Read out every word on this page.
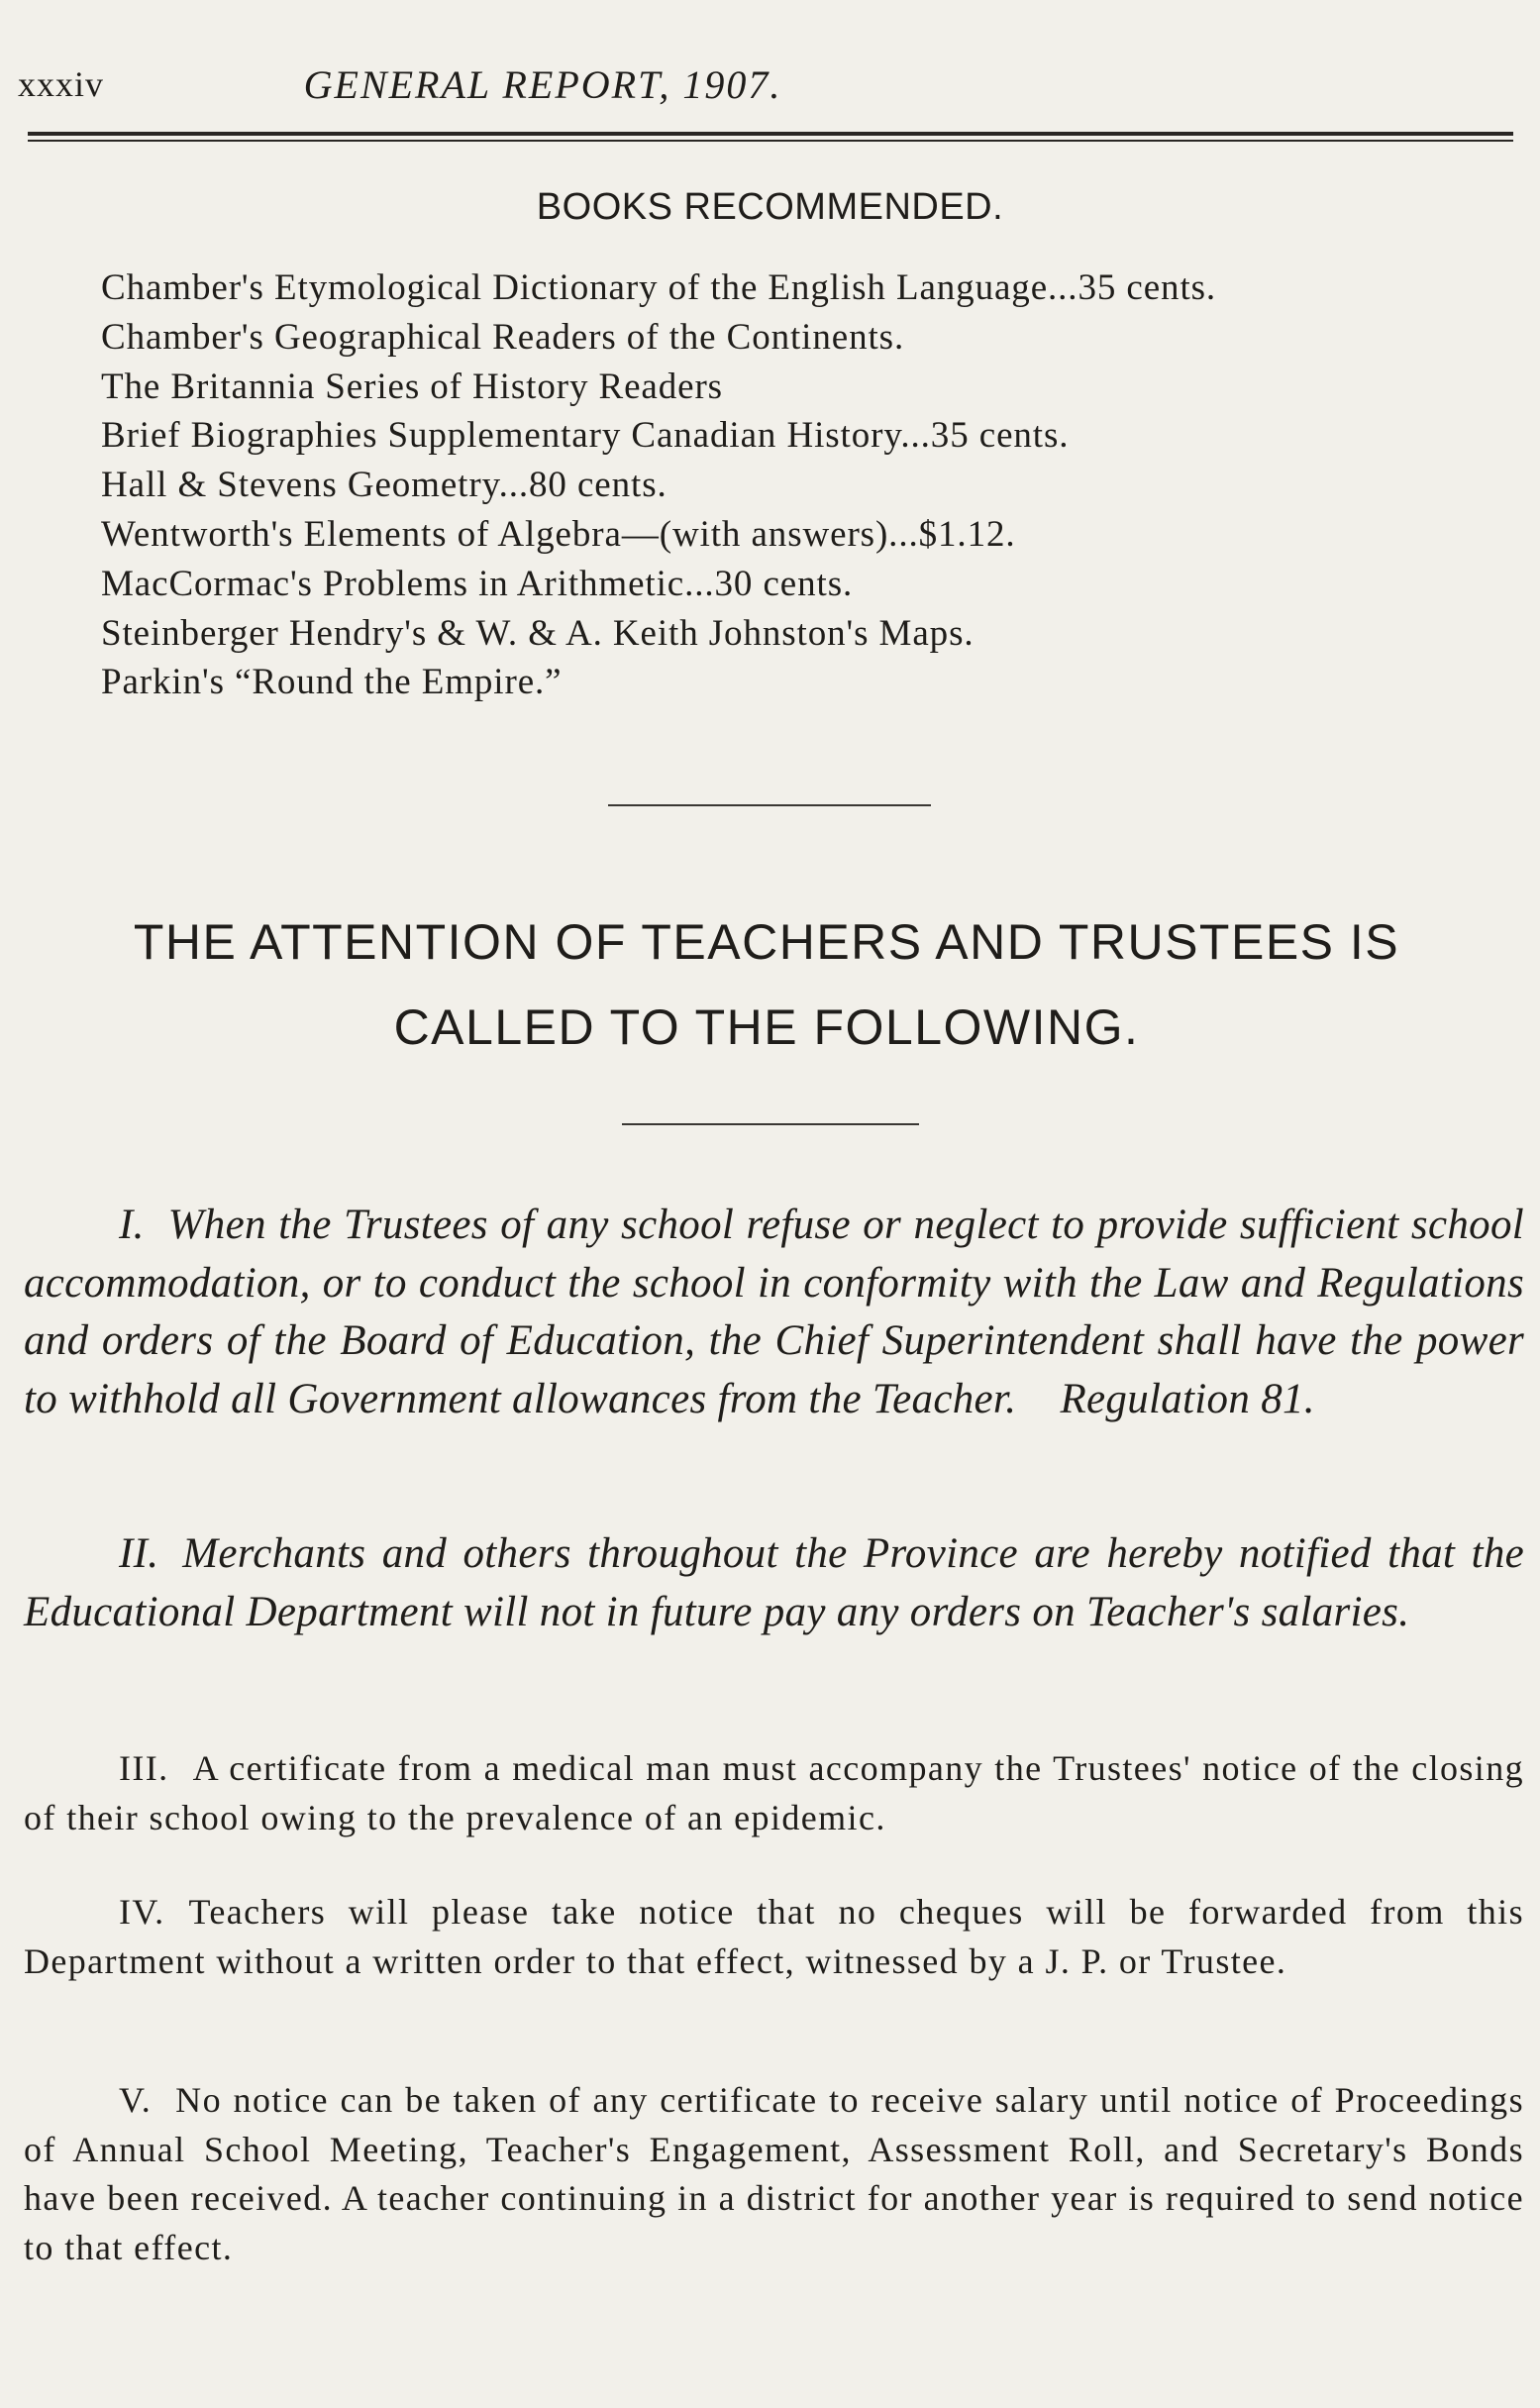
xxxiv	GENERAL REPORT, 1907.
BOOKS RECOMMENDED.
Chamber's Etymological Dictionary of the English Language...35 cents.
Chamber's Geographical Readers of the Continents.
The Britannia Series of History Readers
Brief Biographies Supplementary Canadian History...35 cents.
Hall & Stevens Geometry...80 cents.
Wentworth's Elements of Algebra—(with answers)...$1.12.
MacCormac's Problems in Arithmetic...30 cents.
Steinberger Hendry's & W. & A. Keith Johnston's Maps.
Parkin's “Round the Empire.”
THE ATTENTION OF TEACHERS AND TRUSTEES IS
CALLED TO THE FOLLOWING.

I. When the Trustees of any school refuse or neglect to provide sufficient school accommodation, or to conduct the school in conformity with the Law and Regulations and orders of the Board of Education, the Chief Superintendent shall have the power to withhold all Government allowances from the Teacher. Regulation 81.

II. Merchants and others throughout the Province are hereby notified that the Educational Department will not in future pay any orders on Teacher's salaries.

III. A certificate from a medical man must accompany the Trustees' notice of the closing of their school owing to the prevalence of an epidemic.

IV. Teachers will please take notice that no cheques will be forwarded from this Department without a written order to that effect, witnessed by a J. P. or Trustee.

V. No notice can be taken of any certificate to receive salary until notice of Proceedings of Annual School Meeting, Teacher's Engagement, Assessment Roll, and Secretary's Bonds have been received. A teacher continuing in a district for another year is required to send notice to that effect.
